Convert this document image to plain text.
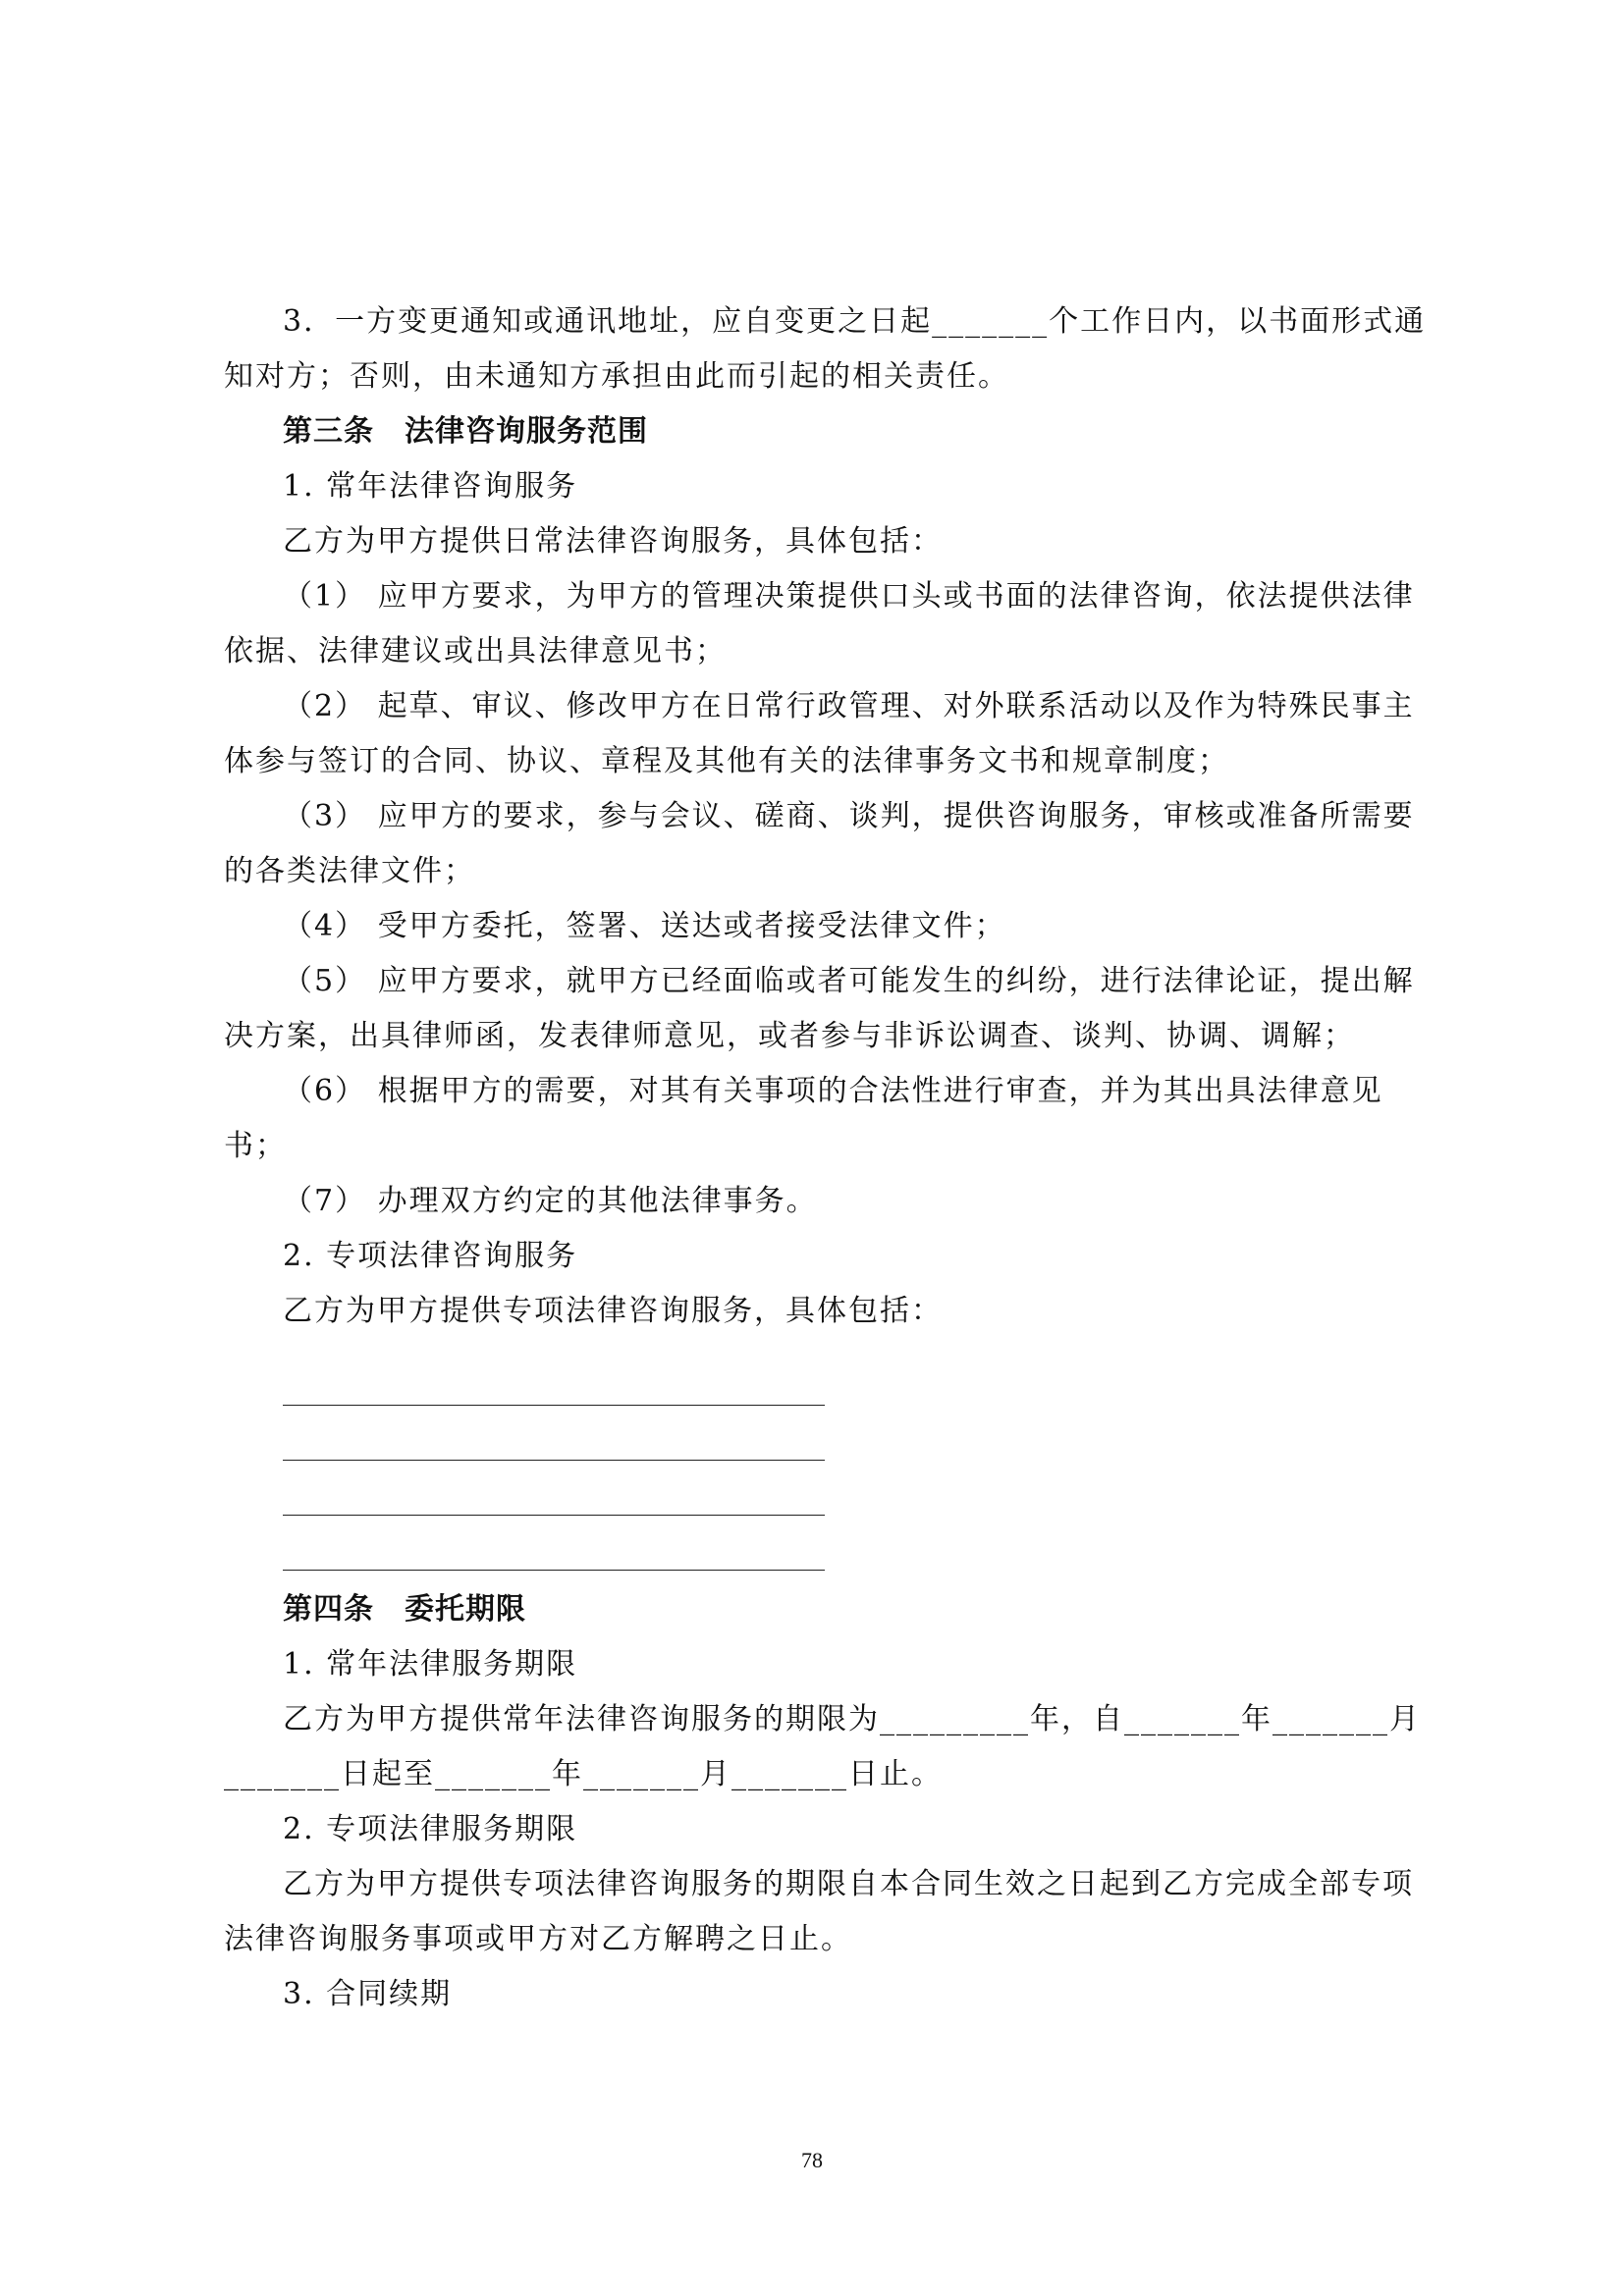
3．一方变更通知或通讯地址，应自变更之日起_______个工作日内，以书面形式通知对方；否则，由未通知方承担由此而引起的相关责任。

第三条　法律咨询服务范围

1. 常年法律咨询服务

乙方为甲方提供日常法律咨询服务，具体包括：

（1） 应甲方要求，为甲方的管理决策提供口头或书面的法律咨询，依法提供法律依据、法律建议或出具法律意见书；

（2） 起草、审议、修改甲方在日常行政管理、对外联系活动以及作为特殊民事主体参与签订的合同、协议、章程及其他有关的法律事务文书和规章制度；

（3） 应甲方的要求，参与会议、磋商、谈判，提供咨询服务，审核或准备所需要的各类法律文件；

（4） 受甲方委托，签署、送达或者接受法律文件；

（5） 应甲方要求，就甲方已经面临或者可能发生的纠纷，进行法律论证，提出解决方案，出具律师函，发表律师意见，或者参与非诉讼调查、谈判、协调、调解；

（6） 根据甲方的需要，对其有关事项的合法性进行审查，并为其出具法律意见书；

（7） 办理双方约定的其他法律事务。

2. 专项法律咨询服务

乙方为甲方提供专项法律咨询服务，具体包括：

第四条　委托期限

1. 常年法律服务期限

乙方为甲方提供常年法律咨询服务的期限为_________年，自_______年_______月_______日起至_______年_______月_______日止。

2. 专项法律服务期限

乙方为甲方提供专项法律咨询服务的期限自本合同生效之日起到乙方完成全部专项法律咨询服务事项或甲方对乙方解聘之日止。

3. 合同续期

78
